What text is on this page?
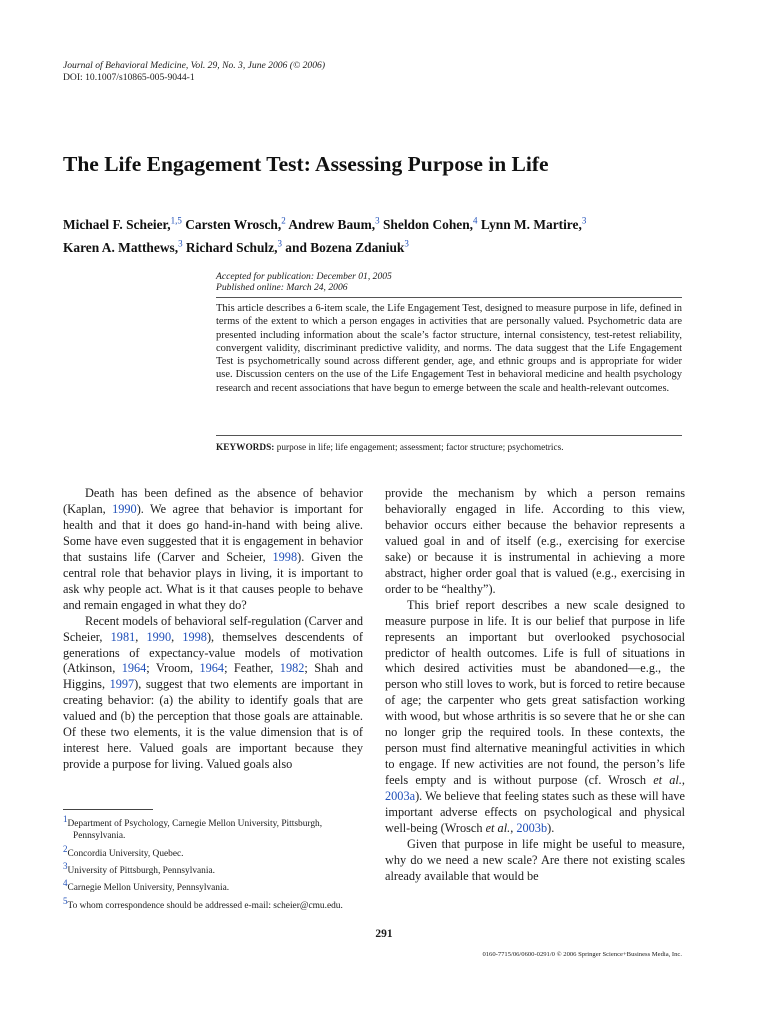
Journal of Behavioral Medicine, Vol. 29, No. 3, June 2006 (© 2006)
DOI: 10.1007/s10865-005-9044-1
The Life Engagement Test: Assessing Purpose in Life
Michael F. Scheier,$^{1,5}$ Carsten Wrosch,$^2$ Andrew Baum,$^3$ Sheldon Cohen,$^4$ Lynn M. Martire,$^3$
Karen A. Matthews,$^3$ Richard Schulz,$^3$ and Bozena Zdaniuk$^3$
Accepted for publication: December 01, 2005
Published online: March 24, 2006

This article describes a 6-item scale, the Life Engagement Test, designed to measure purpose in life, defined in terms of the extent to which a person engages in activities that are personally valued. Psychometric data are presented including information about the scale’s factor structure, internal consistency, test-retest reliability, convergent validity, discriminant predictive validity, and norms. The data suggest that the Life Engagement Test is psychometrically sound across different gender, age, and ethnic groups and is appropriate for wider use. Discussion centers on the use of the Life Engagement Test in behavioral medicine and health psychology research and recent associations that have begun to emerge between the scale and health-relevant outcomes.

KEYWORDS: purpose in life; life engagement; assessment; factor structure; psychometrics.

Death has been defined as the absence of behavior (Kaplan, 1990). We agree that behavior is important for health and that it does go hand-in-hand with being alive. Some have even suggested that it is engagement in behavior that sustains life (Carver and Scheier, 1998). Given the central role that behavior plays in living, it is important to ask why people act. What is it that causes people to behave and remain engaged in what they do?

Recent models of behavioral self-regulation (Carver and Scheier, 1981, 1990, 1998), themselves descendents of generations of expectancy-value models of motivation (Atkinson, 1964; Vroom, 1964; Feather, 1982; Shah and Higgins, 1997), suggest that two elements are important in creating behavior: (a) the ability to identify goals that are valued and (b) the perception that those goals are attainable. Of these two elements, it is the value dimension that is of interest here. Valued goals are important because they provide a purpose for living. Valued goals also

provide the mechanism by which a person remains behaviorally engaged in life. According to this view, behavior occurs either because the behavior represents a valued goal in and of itself (e.g., exercising for exercise sake) or because it is instrumental in achieving a more abstract, higher order goal that is valued (e.g., exercising in order to be “healthy”).

This brief report describes a new scale designed to measure purpose in life. It is our belief that purpose in life represents an important but overlooked psychosocial predictor of health outcomes. Life is full of situations in which desired activities must be abandoned—e.g., the person who still loves to work, but is forced to retire because of age; the carpenter who gets great satisfaction working with wood, but whose arthritis is so severe that he or she can no longer grip the required tools. In these contexts, the person must find alternative meaningful activities in which to engage. If new activities are not found, the person’s life feels empty and is without purpose (cf. Wrosch et al., 2003a). We believe that feeling states such as these will have important adverse effects on psychological and physical well-being (Wrosch et al., 2003b).

Given that purpose in life might be useful to measure, why do we need a new scale? Are there not existing scales already available that would be

$^1$Department of Psychology, Carnegie Mellon University, Pittsburgh, Pennsylvania.
$^2$Concordia University, Quebec.
$^3$University of Pittsburgh, Pennsylvania.
$^4$Carnegie Mellon University, Pennsylvania.
$^5$To whom correspondence should be addressed e-mail: scheier@cmu.edu.
291
0160-7715/06/0600-0291/0 © 2006 Springer Science+Business Media, Inc.
